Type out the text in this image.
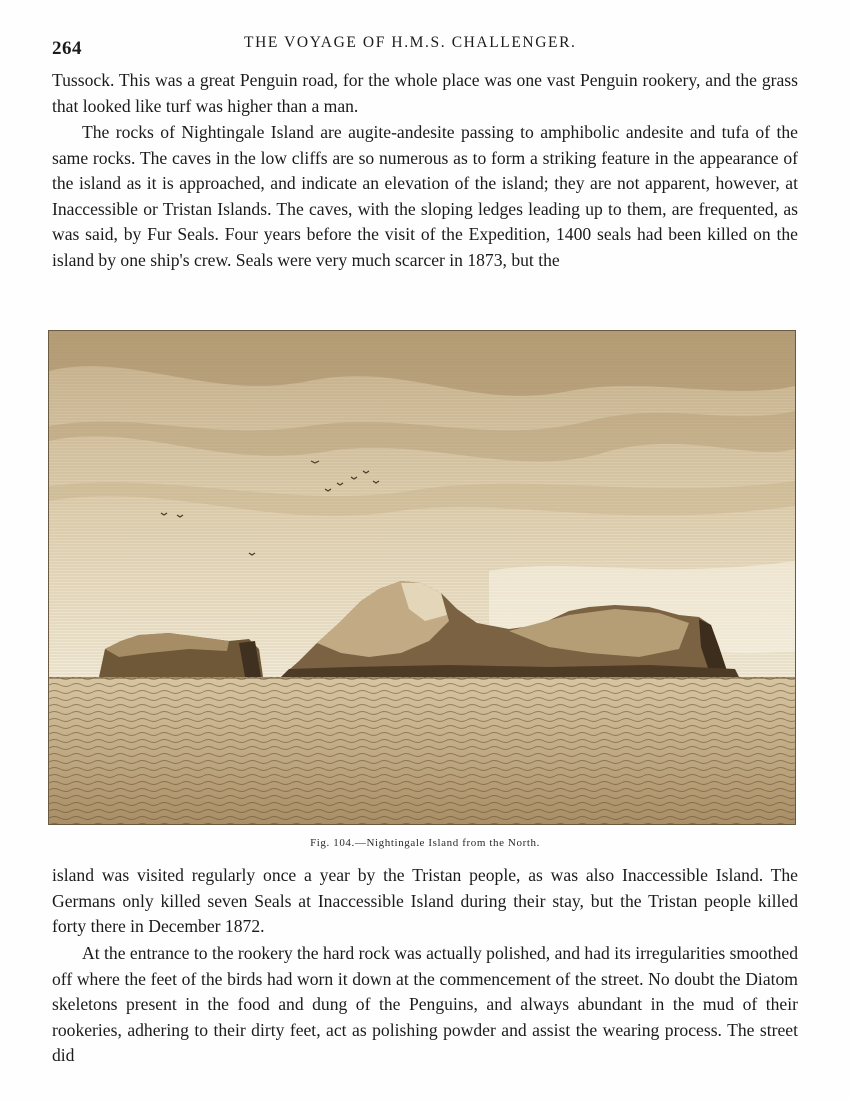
264	THE VOYAGE OF H.M.S. CHALLENGER.

Tussock. This was a great Penguin road, for the whole place was one vast Penguin rookery, and the grass that looked like turf was higher than a man.

The rocks of Nightingale Island are augite-andesite passing to amphibolic andesite and tufa of the same rocks. The caves in the low cliffs are so numerous as to form a striking feature in the appearance of the island as it is approached, and indicate an elevation of the island; they are not apparent, however, at Inaccessible or Tristan Islands. The caves, with the sloping ledges leading up to them, are frequented, as was said, by Fur Seals. Four years before the visit of the Expedition, 1400 seals had been killed on the island by one ship's crew. Seals were very much scarcer in 1873, but the

Fig. 104.—Nightingale Island from the North.

island was visited regularly once a year by the Tristan people, as was also Inaccessible Island. The Germans only killed seven Seals at Inaccessible Island during their stay, but the Tristan people killed forty there in December 1872.

At the entrance to the rookery the hard rock was actually polished, and had its irregularities smoothed off where the feet of the birds had worn it down at the commencement of the street. No doubt the Diatom skeletons present in the food and dung of the Penguins, and always abundant in the mud of their rookeries, adhering to their dirty feet, act as polishing powder and assist the wearing process. The street did
